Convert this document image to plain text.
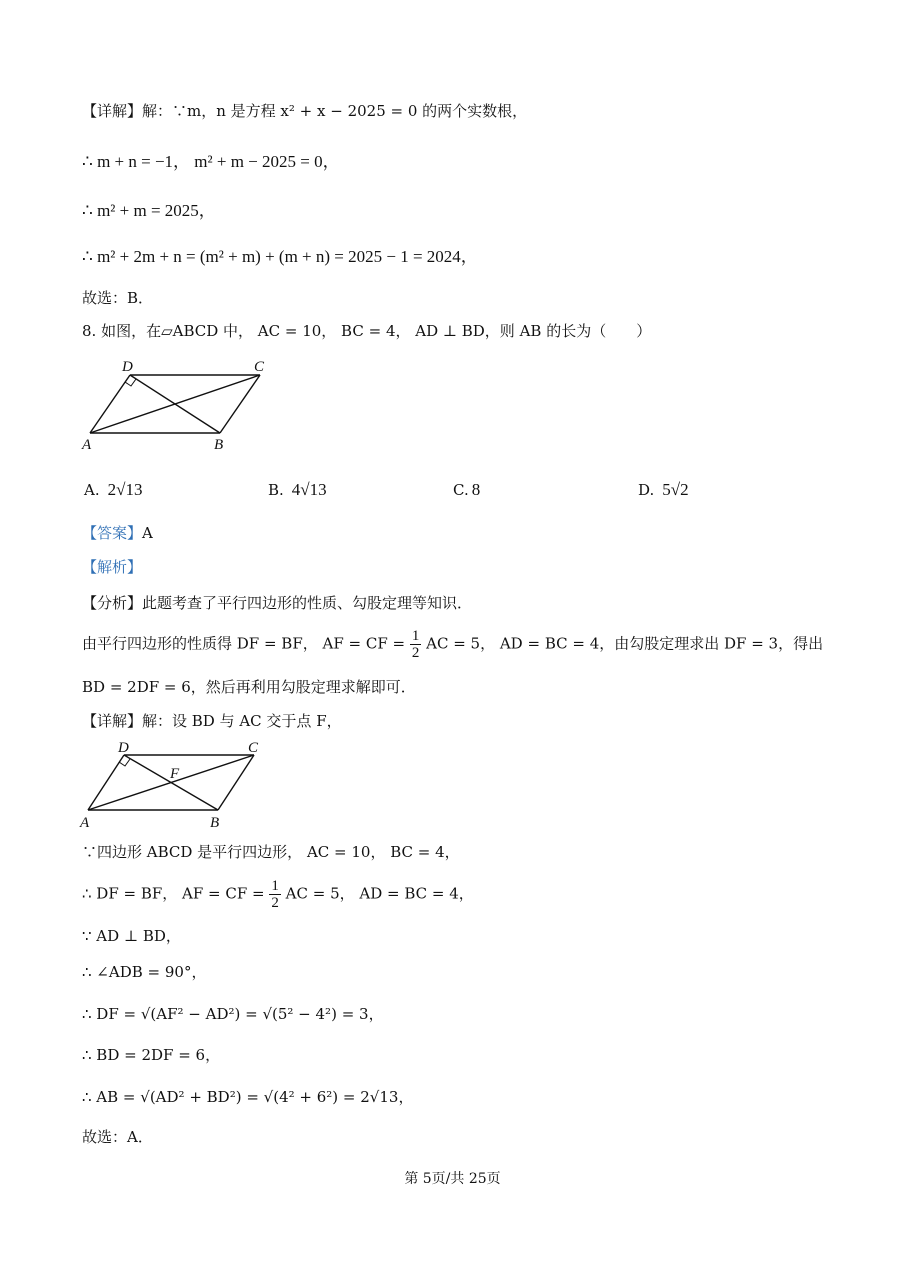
【详解】解：∵m，n 是方程 x² + x − 2025 = 0 的两个实数根，
∴ m + n = −1， m² + m − 2025 = 0，
∴ m² + m = 2025，
∴ m² + 2m + n = (m² + m) + (m + n) = 2025 − 1 = 2024，
故选：B．
8. 如图，在▱ABCD 中， AC = 10， BC = 4， AD ⊥ BD，则 AB 的长为（　　）
A	B
C
D
A. 2√13	B. 4√13	C. 8	D. 5√2
【答案】A
【解析】
【分析】此题考查了平行四边形的性质、勾股定理等知识．
由平行四边形的性质得 DF = BF， AF = CF = $\frac{1}{2}$ AC = 5， AD = BC = 4，由勾股定理求出 DF = 3，得出
BD = 2DF = 6，然后再利用勾股定理求解即可．
【详解】解：设 BD 与 AC 交于点 F，
A	B
C
D
F
∵四边形 ABCD 是平行四边形， AC = 10， BC = 4，
∴ DF = BF， AF = CF = $\frac{1}{2}$ AC = 5， AD = BC = 4，
∵ AD ⊥ BD，
∴ ∠ADB = 90°，
∴ DF = √(AF² − AD²) = √(5² − 4²) = 3，
∴ BD = 2DF = 6，
∴ AB = √(AD² + BD²) = √(4² + 6²) = 2√13，
故选：A．
第 5页/共 25页
